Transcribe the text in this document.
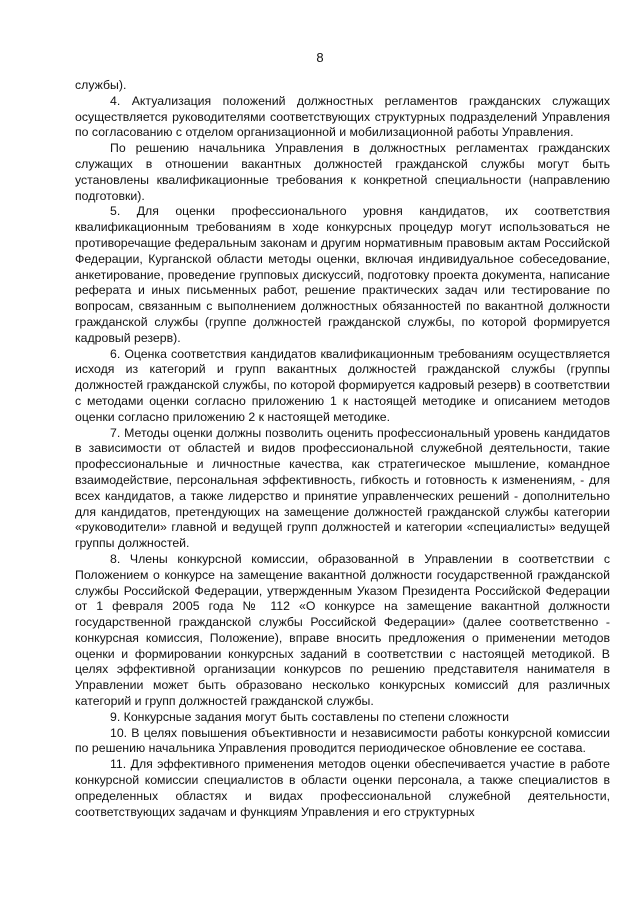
8

службы).

4. Актуализация положений должностных регламентов гражданских служащих осуществляется руководителями соответствующих структурных подразделений Управления по согласованию с отделом организационной и мобилизационной работы Управления.

По решению начальника Управления в должностных регламентах гражданских служащих в отношении вакантных должностей гражданской службы могут быть установлены квалификационные требования к конкретной специальности (направлению подготовки).

5. Для оценки профессионального уровня кандидатов, их соответствия квалификационным требованиям в ходе конкурсных процедур могут использоваться не противоречащие федеральным законам и другим нормативным правовым актам Российской Федерации, Курганской области методы оценки, включая индивидуальное собеседование, анкетирование, проведение групповых дискуссий, подготовку проекта документа, написание реферата и иных письменных работ, решение практических задач или тестирование по вопросам, связанным с выполнением должностных обязанностей по вакантной должности гражданской службы (группе должностей гражданской службы, по которой формируется кадровый резерв).

6. Оценка соответствия кандидатов квалификационным требованиям осуществляется исходя из категорий и групп вакантных должностей гражданской службы (группы должностей гражданской службы, по которой формируется кадровый резерв) в соответствии с методами оценки согласно приложению 1 к настоящей методике и описанием методов оценки согласно приложению 2 к настоящей методике.

7. Методы оценки должны позволить оценить профессиональный уровень кандидатов в зависимости от областей и видов профессиональной служебной деятельности, такие профессиональные и личностные качества, как стратегическое мышление, командное взаимодействие, персональная эффективность, гибкость и готовность к изменениям, - для всех кандидатов, а также лидерство и принятие управленческих решений - дополнительно для кандидатов, претендующих на замещение должностей гражданской службы категории «руководители» главной и ведущей групп должностей и категории «специалисты» ведущей группы должностей.

8. Члены конкурсной комиссии, образованной в Управлении в соответствии с Положением о конкурсе на замещение вакантной должности государственной гражданской службы Российской Федерации, утвержденным Указом Президента Российской Федерации от 1 февраля 2005 года № 112 «О конкурсе на замещение вакантной должности государственной гражданской службы Российской Федерации» (далее соответственно - конкурсная комиссия, Положение), вправе вносить предложения о применении методов оценки и формировании конкурсных заданий в соответствии с настоящей методикой. В целях эффективной организации конкурсов по решению представителя нанимателя в Управлении может быть образовано несколько конкурсных комиссий для различных категорий и групп должностей гражданской службы.

9. Конкурсные задания могут быть составлены по степени сложности

10. В целях повышения объективности и независимости работы конкурсной комиссии по решению начальника Управления проводится периодическое обновление ее состава.

11. Для эффективного применения методов оценки обеспечивается участие в работе конкурсной комиссии специалистов в области оценки персонала, а также специалистов в определенных областях и видах профессиональной служебной деятельности, соответствующих задачам и функциям Управления и его структурных
